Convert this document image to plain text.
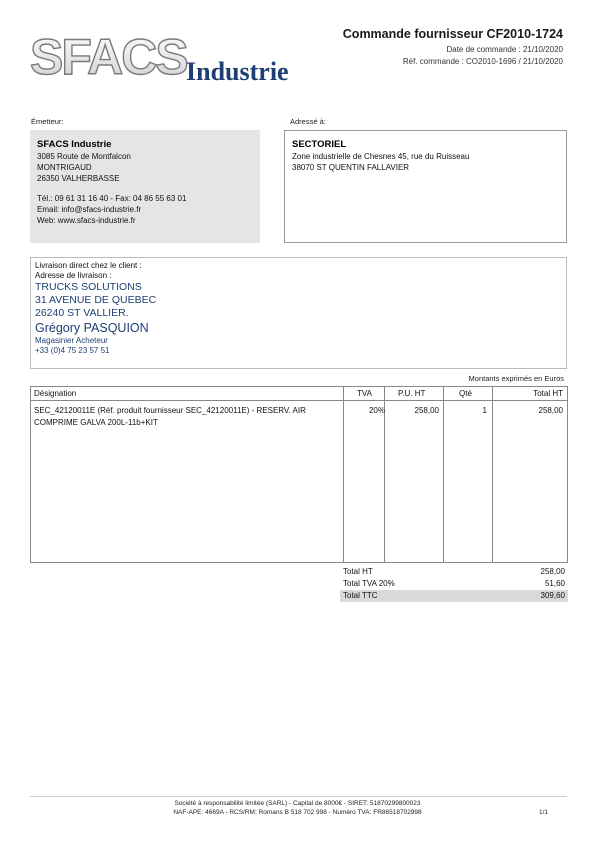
SFACS Industrie
Commande fournisseur CF2010-1724
Date de commande : 21/10/2020
Réf. commande : CO2010-1696 / 21/10/2020
Émetteur:	Adressé à:
SFACS Industrie
3085 Route de Montfalcon
MONTRIGAUD
26350 VALHERBASSE
Tél.: 09 61 31 16 40 - Fax: 04 86 55 63 01
Email: info@sfacs-industrie.fr
Web: www.sfacs-industrie.fr
SECTORIEL
Zone industrielle de Chesnes 45, rue du Ruisseau
38070 ST QUENTIN FALLAVIER
Livraison direct chez le client :
Adresse de livraison :
TRUCKS SOLUTIONS
31 AVENUE DE QUEBEC
26240 ST VALLIER.
Grégory PASQUION
Magasinier Acheteur
+33 (0)4 75 23 57 51
Montants exprimés en Euros
Désignation	TVA	P.U. HT	Qté	Total HT
SEC_42120011E (Réf. produit fournisseur SEC_42120011E) - RESERV. AIR
COMPRIME GALVA 200L-11b+KIT
20%	258,00	1	258,00
Total HT	258,00
Total TVA 20%	51,60
Total TTC	309,60
Société à responsabilité limitée (SARL) - Capital de 8000€ - SIRET: 51870299800023
NAF-APE: 4669A - RCS/RM: Romans B 518 702 998 - Numéro TVA: FR86518702998	1/1
